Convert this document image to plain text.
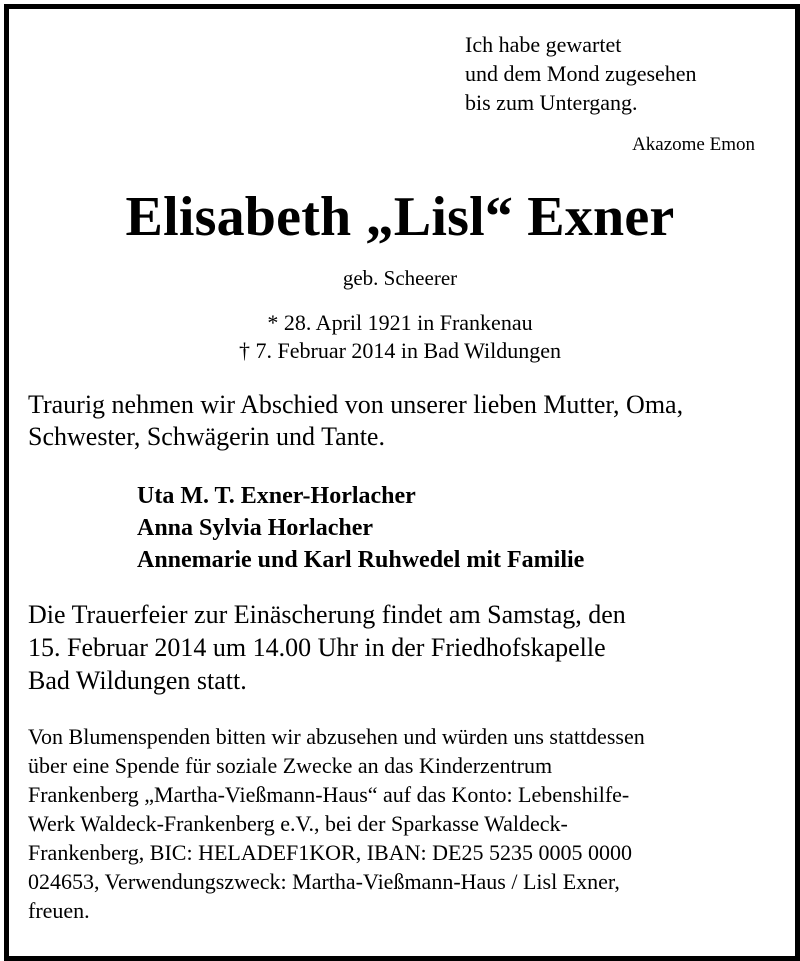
Ich habe gewartet
und dem Mond zugesehen
bis zum Untergang.
Akazome Emon
Elisabeth „Lisl“ Exner
geb. Scheerer
* 28. April 1921 in Frankenau
† 7. Februar 2014 in Bad Wildungen
Traurig nehmen wir Abschied von unserer lieben Mutter, Oma,
Schwester, Schwägerin und Tante.
Uta M. T. Exner-Horlacher
Anna Sylvia Horlacher
Annemarie und Karl Ruhwedel mit Familie
Die Trauerfeier zur Einäscherung findet am Samstag, den
15. Februar 2014 um 14.00 Uhr in der Friedhofskapelle
Bad Wildungen statt.
Von Blumenspenden bitten wir abzusehen und würden uns stattdessen
über eine Spende für soziale Zwecke an das Kinderzentrum
Frankenberg „Martha-Vießmann-Haus“ auf das Konto: Lebenshilfe-
Werk Waldeck-Frankenberg e.V., bei der Sparkasse Waldeck-
Frankenberg, BIC: HELADEF1KOR, IBAN: DE25 5235 0005 0000
024653, Verwendungszweck: Martha-Vießmann-Haus / Lisl Exner,
freuen.
